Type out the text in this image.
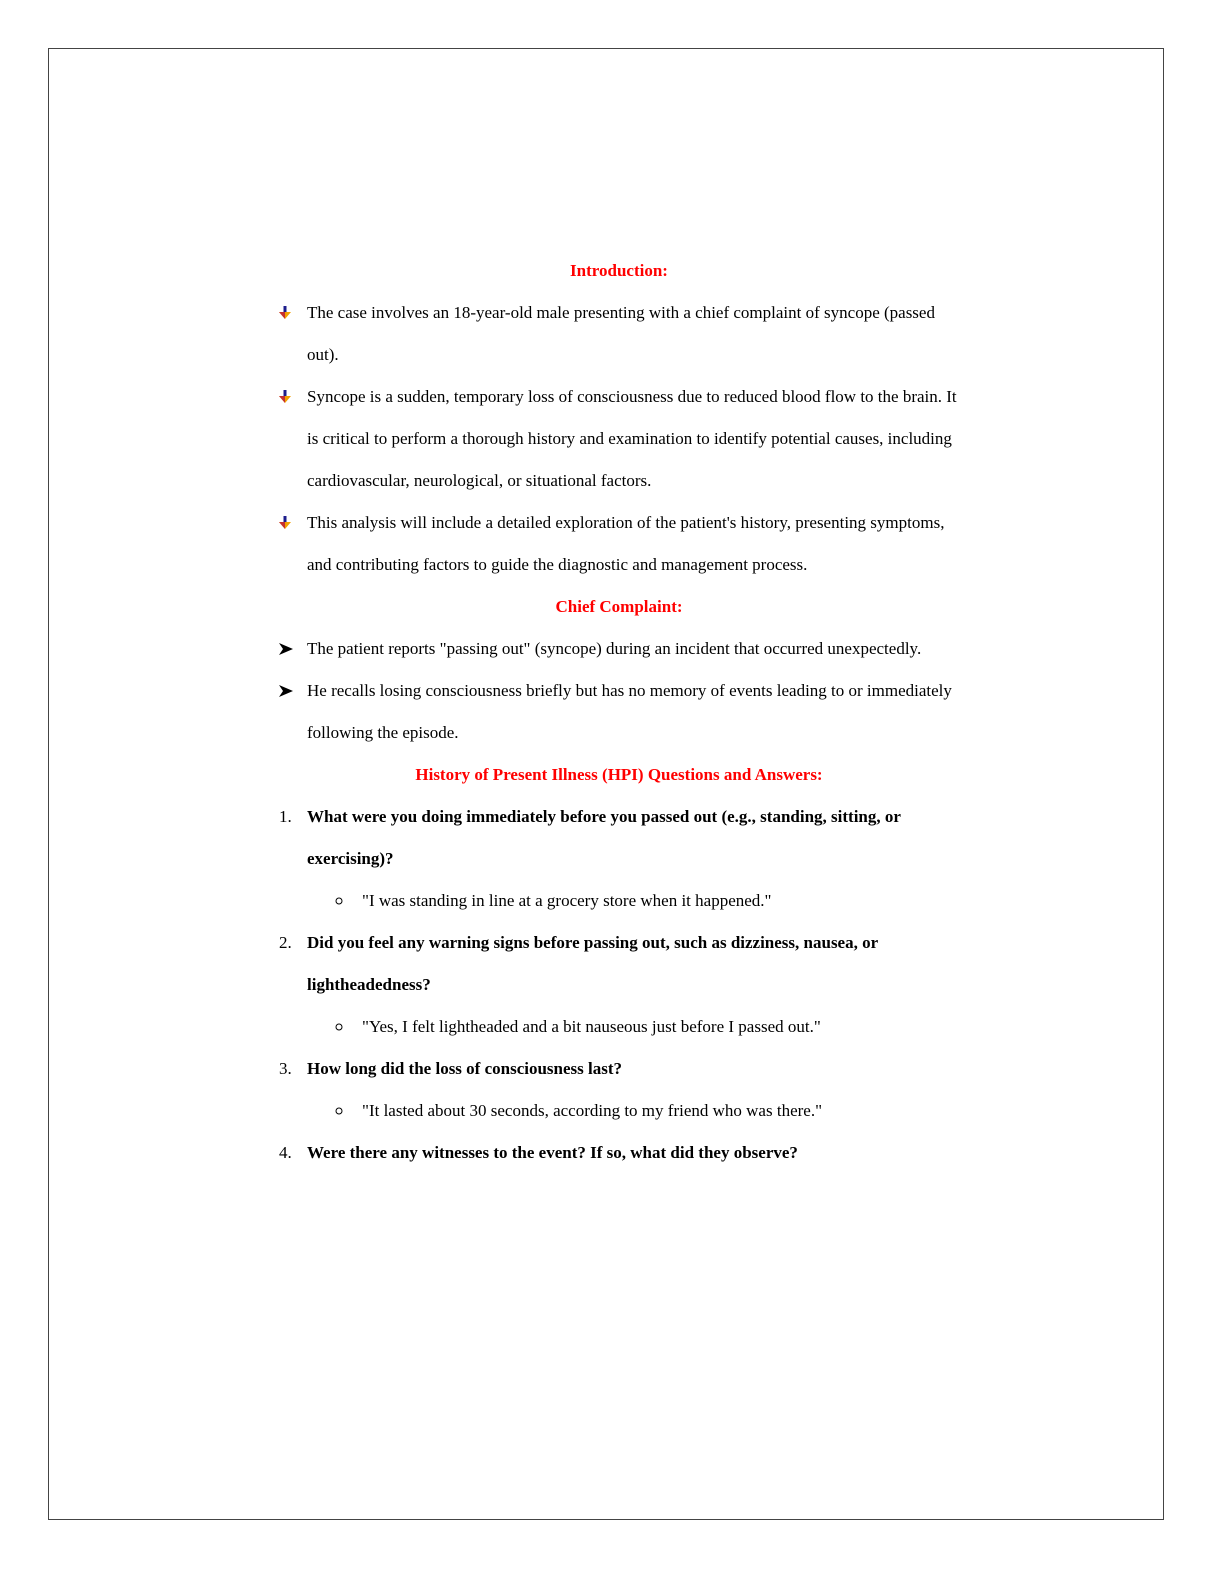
Introduction:
The case involves an 18-year-old male presenting with a chief complaint of syncope (passed out).
Syncope is a sudden, temporary loss of consciousness due to reduced blood flow to the brain. It is critical to perform a thorough history and examination to identify potential causes, including cardiovascular, neurological, or situational factors.
This analysis will include a detailed exploration of the patient's history, presenting symptoms, and contributing factors to guide the diagnostic and management process.
Chief Complaint:
The patient reports "passing out" (syncope) during an incident that occurred unexpectedly.
He recalls losing consciousness briefly but has no memory of events leading to or immediately following the episode.
History of Present Illness (HPI) Questions and Answers:
1. What were you doing immediately before you passed out (e.g., standing, sitting, or exercising)?
"I was standing in line at a grocery store when it happened."
2. Did you feel any warning signs before passing out, such as dizziness, nausea, or lightheadedness?
"Yes, I felt lightheaded and a bit nauseous just before I passed out."
3. How long did the loss of consciousness last?
"It lasted about 30 seconds, according to my friend who was there."
4. Were there any witnesses to the event? If so, what did they observe?
